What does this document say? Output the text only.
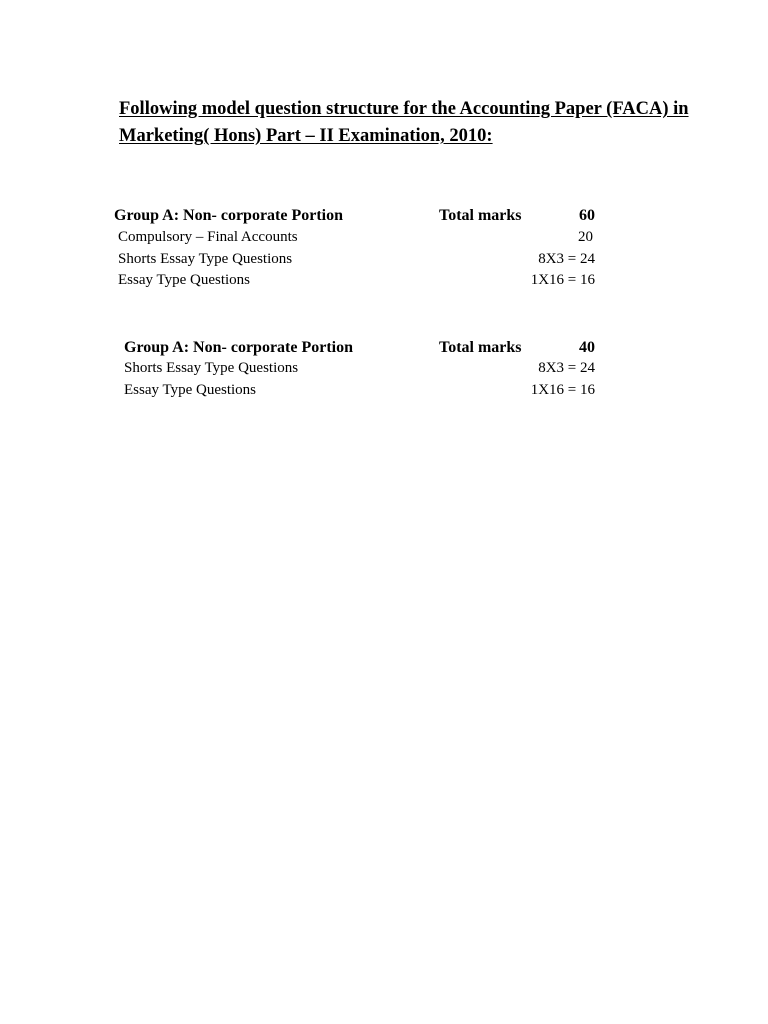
Following model question structure for the Accounting Paper (FACA) in
Marketing( Hons) Part – II Examination, 2010:
Group A: Non- corporate Portion	Total marks	60
Compulsory – Final Accounts	20
Shorts Essay Type Questions	8X3 = 24
Essay Type Questions	1X16 = 16
Group A: Non- corporate Portion	Total marks	40
Shorts Essay Type Questions	8X3 = 24
Essay Type Questions	1X16 = 16
